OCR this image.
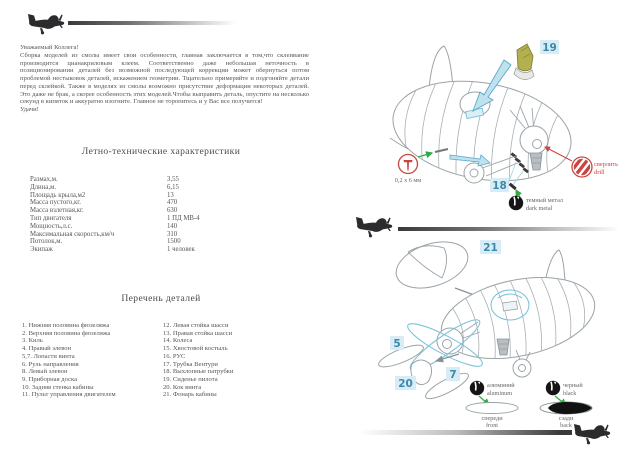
Уважаемый Коллега!
Сборка моделей из смолы имеет свои особенности, главная заключается в том,что склеивание производится цианакриловым клеем. Соответственно даже небольшая неточность в позиционировании деталей без возможной последующей коррекции может обернуться потом проблемой нестыковок деталей, искажением геометрии. Тщательно примеряйте и подгоняйте детали перед склейкой. Также в моделях из смолы возможно присутствие деформации некоторых деталей. Это даже не брак, а скорее особенность этих моделей.Чтобы выправить деталь, опустите на несколько секунд в кипяток и аккуратно изогните. Главное не торопитесь и у Вас все получится!
Удачи!
Летно-технические характеристики
Размах,м.	3,55
Длина,м.	6,15
Площадь крыла,м2	13
Масса пустого,кг.	470
Масса взлетная,кг.	630
Тип двигателя	1 ПД МВ-4
Мощность,л.с.	140
Максимальная скорость,км/ч	310
Потолок,м.	1500
Экипаж	1 человек
Перечень деталей
1. Нижняя половина фюзеляжа
2. Верхняя половина фюзеляжа
3. Киль
4. Правый элевон
5,7. Лопасти винта
6. Руль направления
8. Левый элевон
9. Приборная доска
10. Задняя стенка кабины
11. Пульт управления двигателем
12. Левая стойка шасси
13. Правая стойка шасси
14. Колеса
15. Хвостовой костыль
16. РУС
17. Трубка Вентури
18. Выхлопные патрубки
19. Сиденье пилота
20. Кок винта
21. Фонарь кабины
19
18
темный метал
dark metal
сверлить
drill
0,2 х 6 мм
21
5
20
7
алюминий
aluminum
спереди
front
черный
black
сзади
back
